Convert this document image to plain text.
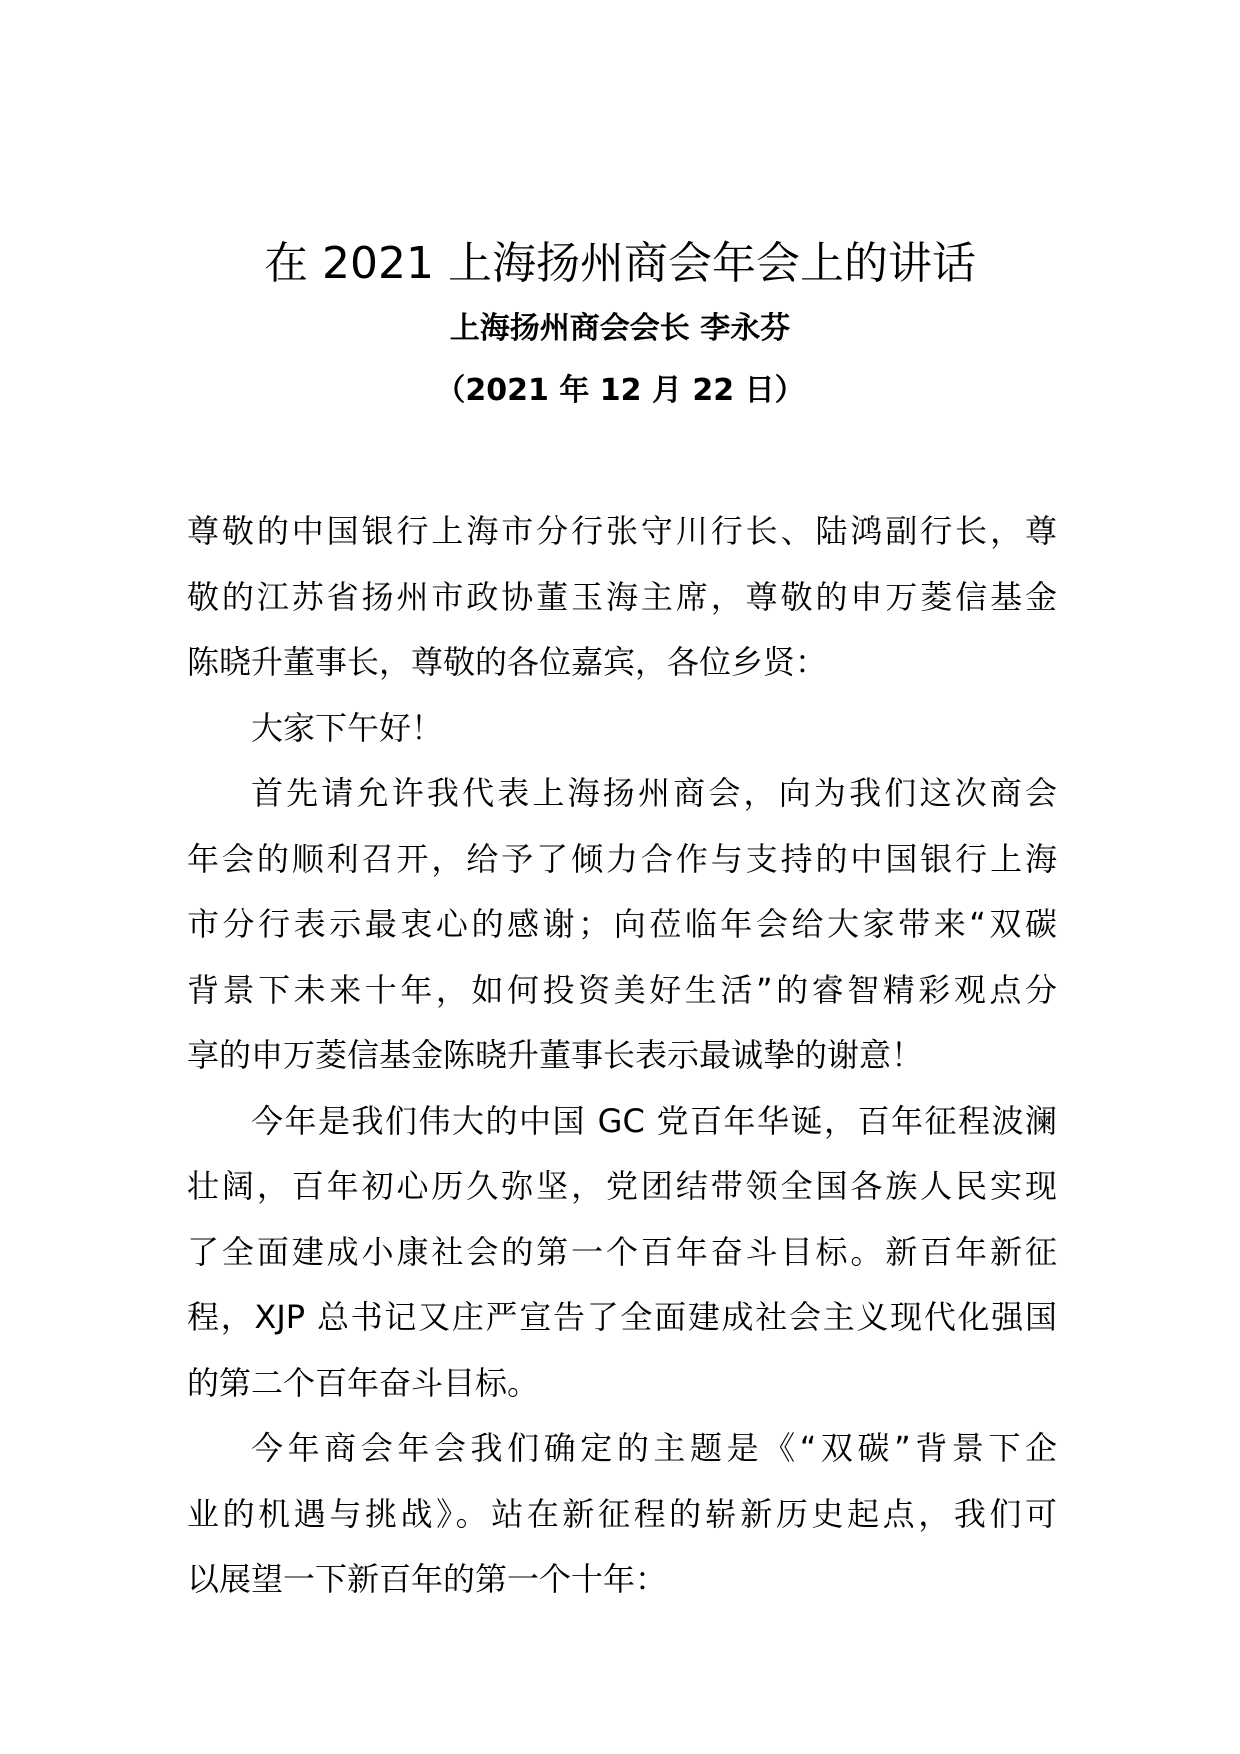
在 2021 上海扬州商会年会上的讲话
上海扬州商会会长 李永芬
（2021 年 12 月 22 日）
尊敬的中国银行上海市分行张守川行长、陆鸿副行长，尊
敬的江苏省扬州市政协董玉海主席，尊敬的申万菱信基金
陈晓升董事长，尊敬的各位嘉宾，各位乡贤：
大家下午好！
首先请允许我代表上海扬州商会，向为我们这次商会
年会的顺利召开，给予了倾力合作与支持的中国银行上海
市分行表示最衷心的感谢；向莅临年会给大家带来“双碳
背景下未来十年，如何投资美好生活”的睿智精彩观点分
享的申万菱信基金陈晓升董事长表示最诚挚的谢意！
今年是我们伟大的中国 GC 党百年华诞，百年征程波澜
壮阔，百年初心历久弥坚，党团结带领全国各族人民实现
了全面建成小康社会的第一个百年奋斗目标。新百年新征
程，XJP 总书记又庄严宣告了全面建成社会主义现代化强国
的第二个百年奋斗目标。
今年商会年会我们确定的主题是《“双碳”背景下企
业的机遇与挑战》。站在新征程的崭新历史起点，我们可
以展望一下新百年的第一个十年：
